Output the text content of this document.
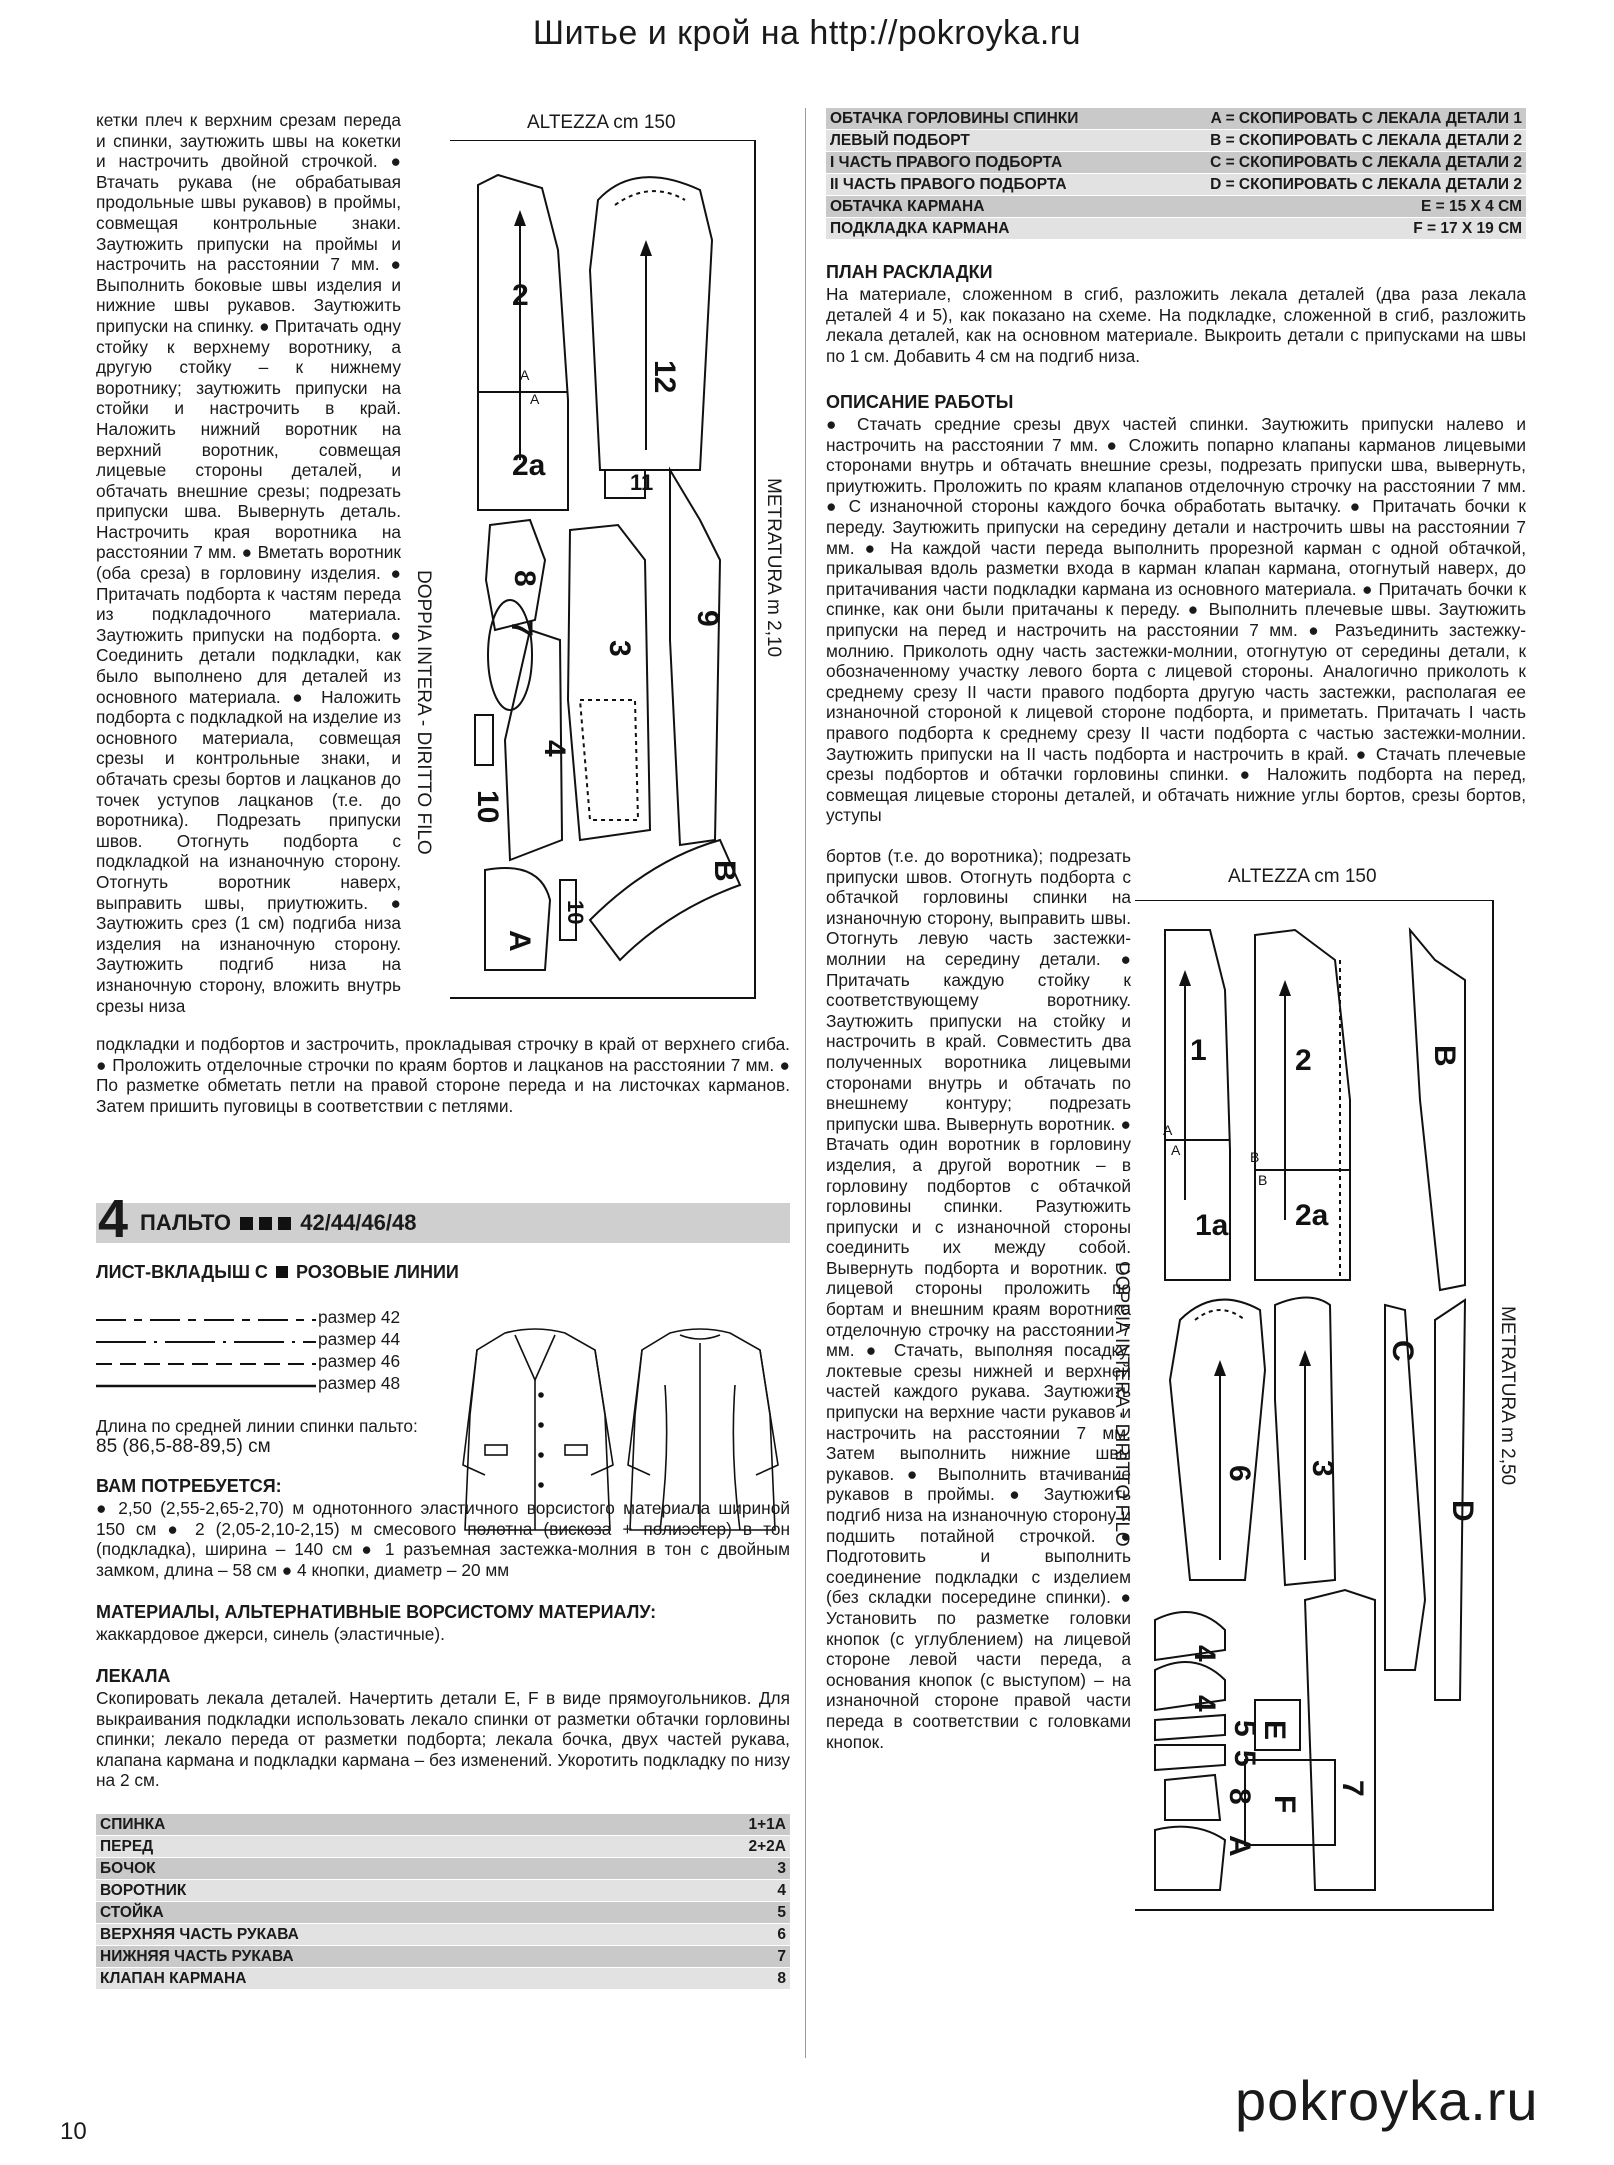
Шитье и крой на http://pokroyka.ru

кетки плеч к верхним срезам переда и спинки, заутюжить швы на кокетки и настрочить двойной строчкой. ● Втачать рукава (не обрабатывая продольные швы рукавов) в проймы, совмещая контрольные знаки. Заутюжить припуски на проймы и настрочить на расстоянии 7 мм. ● Выполнить боковые швы изделия и нижние швы рукавов. Заутюжить припуски на спинку. ● Притачать одну стойку к верхнему воротнику, а другую стойку – к нижнему воротнику; заутюжить припуски на стойки и настрочить в край. Наложить нижний воротник на верхний воротник, совмещая лицевые стороны деталей, и обтачать внешние срезы; подрезать припуски шва. Вывернуть деталь. Настрочить края воротника на расстоянии 7 мм. ● Вметать воротник (оба среза) в горловину изделия. ● Притачать подборта к частям переда из подкладочного материала. Заутюжить припуски на подборта. ● Соединить детали подкладки, как было выполнено для деталей из основного материала. ● Наложить подборта с подкладкой на изделие из основного материала, совмещая срезы и контрольные знаки, и обтачать срезы бортов и лацканов до точек уступов лацканов (т.е. до воротника). Подрезать припуски швов. Отогнуть подборта с подкладкой на изнаночную сторону. Отогнуть воротник наверх, выправить швы, приутюжить. ● Заутюжить срез (1 см) подгиба низа изделия на изнаночную сторону. Заутюжить подгиб низа на изнаночную сторону, вложить внутрь срезы низа

подкладки и подбортов и застрочить, прокладывая строчку в край от верхнего сгиба. ● Проложить отделочные строчки по краям бортов и лацканов на расстоянии 7 мм. ● По разметке обметать петли на правой стороне переда и на листочках карманов. Затем пришить пуговицы в соответствии с петлями.

ALTEZZA cm 150
DOPPIA INTERA - DIRITTO FILO
METRATURA m 2,10
2
2a
12
11
8
7
3
9
4
10
B
A
10
A
A
4 ПАЛЬТО	42/44/46/48
ЛИСТ-ВКЛАДЫШ С РОЗОВЫЕ ЛИНИИ
размер 42
размер 44
размер 46
размер 48
Длина по средней линии спинки пальто:
85 (86,5-88-89,5) см
ВАМ ПОТРЕБУЕТСЯ:
● 2,50 (2,55-2,65-2,70) м однотонного эластичного ворсистого материала шириной 150 см ● 2 (2,05-2,10-2,15) м смесового полотна (вискоза + полиэстер) в тон (подкладка), ширина – 140 см ● 1 разъемная застежка-молния в тон с двойным замком, длина – 58 см ● 4 кнопки, диаметр – 20 мм
МАТЕРИАЛЫ, АЛЬТЕРНАТИВНЫЕ ВОРСИСТОМУ МАТЕРИАЛУ:
жаккардовое джерси, синель (эластичные).
ЛЕКАЛА
Скопировать лекала деталей. Начертить детали Е, F в виде прямоугольников. Для выкраивания подкладки использовать лекало спинки от разметки обтачки горловины спинки; лекало переда от разметки подборта; лекала бочка, двух частей рукава, клапана кармана и подкладки кармана – без изменений. Укоротить подкладку по низу на 2 см.
СПИНКА	1+1А
ПЕРЕД	2+2А
БОЧОК	3
ВОРОТНИК	4
СТОЙКА	5
ВЕРХНЯЯ ЧАСТЬ РУКАВА	6
НИЖНЯЯ ЧАСТЬ РУКАВА	7
КЛАПАН КАРМАНА	8
ОБТАЧКА ГОРЛОВИНЫ СПИНКИ	A = СКОПИРОВАТЬ С ЛЕКАЛА ДЕТАЛИ 1
ЛЕВЫЙ ПОДБОРТ	B = СКОПИРОВАТЬ С ЛЕКАЛА ДЕТАЛИ 2
I ЧАСТЬ ПРАВОГО ПОДБОРТА	C = СКОПИРОВАТЬ С ЛЕКАЛА ДЕТАЛИ 2
II ЧАСТЬ ПРАВОГО ПОДБОРТА	D = СКОПИРОВАТЬ С ЛЕКАЛА ДЕТАЛИ 2
ОБТАЧКА КАРМАНА	E = 15 X 4 СМ
ПОДКЛАДКА КАРМАНА	F = 17 X 19 СМ
ПЛАН РАСКЛАДКИ
На материале, сложенном в сгиб, разложить лекала деталей (два раза лекала деталей 4 и 5), как показано на схеме. На подкладке, сложенной в сгиб, разложить лекала деталей, как на основном материале. Выкроить детали с припусками на швы по 1 см. Добавить 4 см на подгиб низа.
ОПИСАНИЕ РАБОТЫ
● Стачать средние срезы двух частей спинки. Заутюжить припуски налево и настрочить на расстоянии 7 мм. ● Сложить попарно клапаны карманов лицевыми сторонами внутрь и обтачать внешние срезы, подрезать припуски шва, вывернуть, приутюжить. Проложить по краям клапанов отделочную строчку на расстоянии 7 мм. ● С изнаночной стороны каждого бочка обработать вытачку. ● Притачать бочки к переду. Заутюжить припуски на середину детали и настрочить швы на расстоянии 7 мм. ● На каждой части переда выполнить прорезной карман с одной обтачкой, прикалывая вдоль разметки входа в карман клапан кармана, отогнутый наверх, до притачивания части подкладки кармана из основного материала. ● Притачать бочки к спинке, как они были притачаны к переду. ● Выполнить плечевые швы. Заутюжить припуски на перед и настрочить на расстоянии 7 мм. ● Разъединить застежку-молнию. Приколоть одну часть застежки-молнии, отогнутую от середины детали, к обозначенному участку левого борта с лицевой стороны. Аналогично приколоть к среднему срезу II части правого подборта другую часть застежки, располагая ее изнаночной стороной к лицевой стороне подборта, и приметать. Притачать I часть правого подборта к среднему срезу II части подборта с частью застежки-молнии. Заутюжить припуски на II часть подборта и настрочить в край. ● Стачать плечевые срезы подбортов и обтачки горловины спинки. ● Наложить подборта на перед, совмещая лицевые стороны деталей, и обтачать нижние углы бортов, срезы бортов, уступы
бортов (т.е. до воротника); подрезать припуски швов. Отогнуть подборта с обтачкой горловины спинки на изнаночную сторону, выправить швы. Отогнуть левую часть застежки-молнии на середину детали. ● Притачать каждую стойку к соответствующему воротнику. Заутюжить припуски на стойку и настрочить в край. Совместить два полученных воротника лицевыми сторонами внутрь и обтачать по внешнему контуру; подрезать припуски шва. Вывернуть воротник. ● Втачать один воротник в горловину изделия, а другой воротник – в горловину подбортов с обтачкой горловины спинки. Разутюжить припуски и с изнаночной стороны соединить их между собой. Вывернуть подборта и воротник. С лицевой стороны проложить по бортам и внешним краям воротника отделочную строчку на расстоянии 7 мм. ● Стачать, выполняя посадку, локтевые срезы нижней и верхней частей каждого рукава. Заутюжить припуски на верхние части рукавов и настрочить на расстоянии 7 мм. Затем выполнить нижние швы рукавов. ● Выполнить втачивание рукавов в проймы. ● Заутюжить подгиб низа на изнаночную сторону и подшить потайной строчкой. ● Подготовить и выполнить соединение подкладки с изделием (без складки посередине спинки). ● Установить по разметке головки кнопок (с углублением) на лицевой стороне левой части переда, а основания кнопок (с выступом) – на изнаночной стороне правой части переда в соответствии с головками кнопок.
ALTEZZA cm 150
DOPPIA INTERA - DIRITTO FILO	METRATURA m 2,50
1
1a
2
2a
B
6 3
C
D
4
4
E
7
5
5
F
8
A
A
A	B
B
10	pokroyka.ru
